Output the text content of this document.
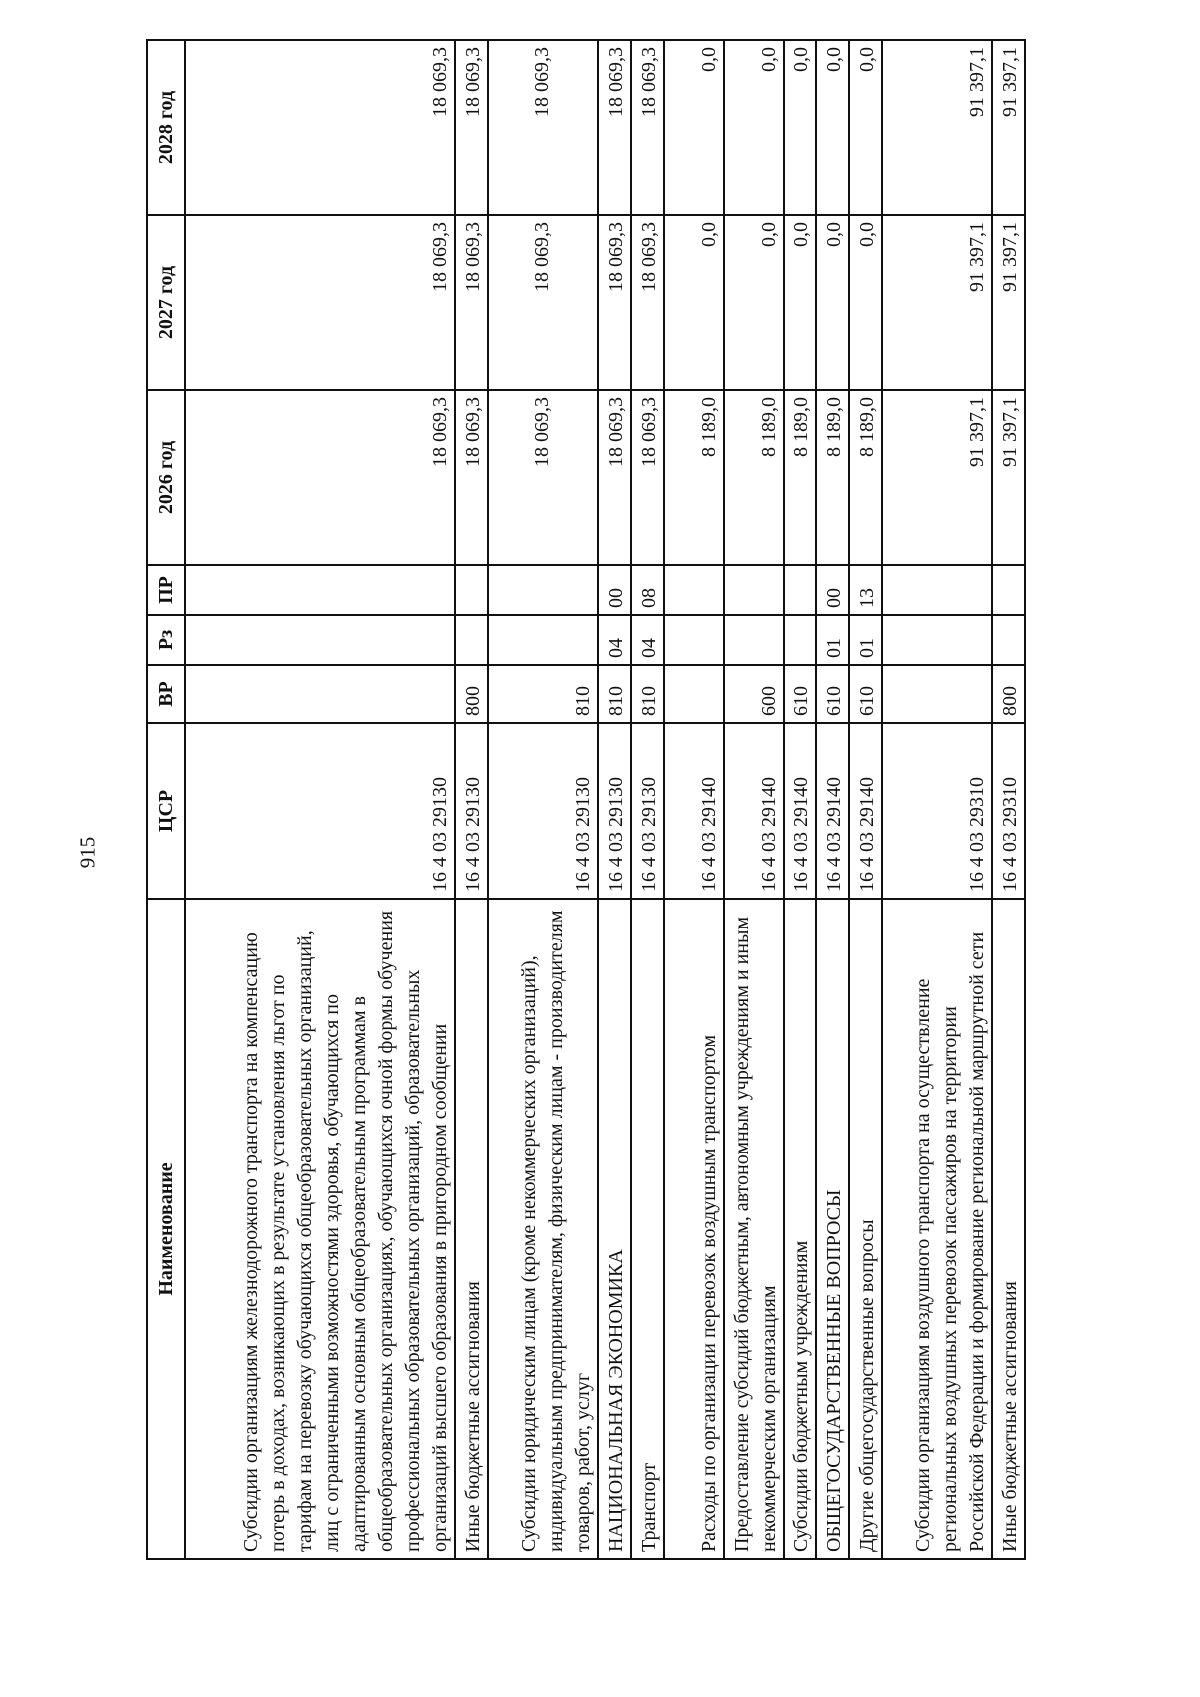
915
Наименование	ЦСР	ВР	Рз	ПР	2026 год	2027 год	2028 год
Субсидии организациям железнодорожного транспорта на компенсацию потерь в доходах, возникающих в результате установления льгот по тарифам на перевозку обучающихся общеобразовательных организаций, лиц с ограниченными возможностями здоровья, обучающихся по адаптированным основным общеобразовательным программам в общеобразовательных организациях, обучающихся очной формы обучения профессиональных образовательных организаций, образовательных организаций высшего образования в пригородном сообщении	16 4 03 29130				18 069,3	18 069,3	18 069,3
Иные бюджетные ассигнования	16 4 03 29130	800			18 069,3	18 069,3	18 069,3
Субсидии юридическим лицам (кроме некоммерческих организаций), индивидуальным предпринимателям, физическим лицам - производителям товаров, работ, услуг	16 4 03 29130	810			18 069,3	18 069,3	18 069,3
НАЦИОНАЛЬНАЯ ЭКОНОМИКА	16 4 03 29130	810	04	00	18 069,3	18 069,3	18 069,3
Транспорт	16 4 03 29130	810	04	08	18 069,3	18 069,3	18 069,3
Расходы по организации перевозок воздушным транспортом	16 4 03 29140				8 189,0	0,0	0,0
Предоставление субсидий бюджетным, автономным учреждениям и иным некоммерческим организациям	16 4 03 29140	600			8 189,0	0,0	0,0
Субсидии бюджетным учреждениям	16 4 03 29140	610			8 189,0	0,0	0,0
ОБЩЕГОСУДАРСТВЕННЫЕ ВОПРОСЫ	16 4 03 29140	610	01	00	8 189,0	0,0	0,0
Другие общегосударственные вопросы	16 4 03 29140	610	01	13	8 189,0	0,0	0,0
Субсидии организациям воздушного транспорта на осуществление региональных воздушных перевозок пассажиров на территории Российской Федерации и формирование региональной маршрутной сети	16 4 03 29310				91 397,1	91 397,1	91 397,1
Иные бюджетные ассигнования	16 4 03 29310	800			91 397,1	91 397,1	91 397,1
